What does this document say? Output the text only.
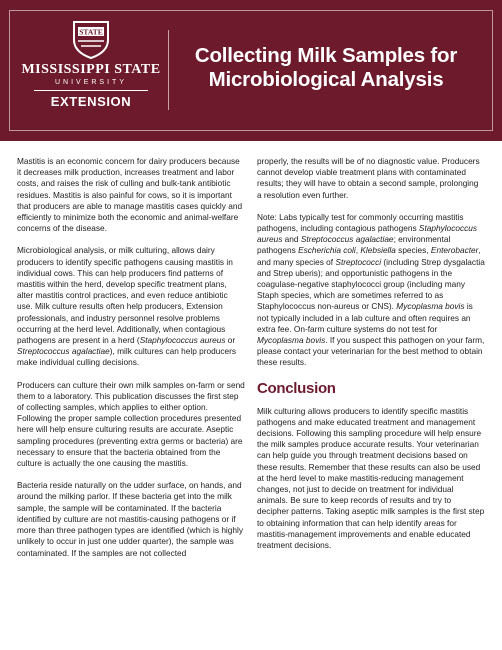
STATE
MISSISSIPPI STATE
UNIVERSITY
EXTENSION
Collecting Milk Samples for
Microbiological Analysis

Mastitis is an economic concern for dairy producers because it decreases milk production, increases treatment and labor costs, and raises the risk of culling and bulk-tank antibiotic residues. Mastitis is also painful for cows, so it is important that producers are able to manage mastitis cases quickly and efficiently to minimize both the economic and animal-welfare concerns of the disease.

Microbiological analysis, or milk culturing, allows dairy producers to identify specific pathogens causing mastitis in individual cows. This can help producers find patterns of mastitis within the herd, develop specific treatment plans, alter mastitis control practices, and even reduce antibiotic use. Milk culture results often help producers, Extension professionals, and industry personnel resolve problems occurring at the herd level. Additionally, when contagious pathogens are present in a herd (Staphylococcus aureus or Streptococcus agalactiae), milk cultures can help producers make individual culling decisions.

Producers can culture their own milk samples on-farm or send them to a laboratory. This publication discusses the first step of collecting samples, which applies to either option. Following the proper sample collection procedures presented here will help ensure culturing results are accurate. Aseptic sampling procedures (preventing extra germs or bacteria) are necessary to ensure that the bacteria obtained from the culture is actually the one causing the mastitis.

Bacteria reside naturally on the udder surface, on hands, and around the milking parlor. If these bacteria get into the milk sample, the sample will be contaminated. If the bacteria identified by culture are not mastitis-causing pathogens or if more than three pathogen types are identified (which is highly unlikely to occur in just one udder quarter), the sample was contaminated. If the samples are not collected

properly, the results will be of no diagnostic value. Producers cannot develop viable treatment plans with contaminated results; they will have to obtain a second sample, prolonging a resolution even further.

Note: Labs typically test for commonly occurring mastitis pathogens, including contagious pathogens Staphylococcus aureus and Streptococcus agalactiae; environmental pathogens Escherichia coli, Klebsiella species, Enterobacter, and many species of Streptococci (including Strep dysgalactia and Strep uberis); and opportunistic pathogens in the coagulase-negative staphylococci group (including many Staph species, which are sometimes referred to as Staphylococcus non-aureus or CNS). Mycoplasma bovis is not typically included in a lab culture and often requires an extra fee. On-farm culture systems do not test for Mycoplasma bovis. If you suspect this pathogen on your farm, please contact your veterinarian for the best method to obtain these results.

Conclusion

Milk culturing allows producers to identify specific mastitis pathogens and make educated treatment and management decisions. Following this sampling procedure will help ensure the milk samples produce accurate results. Your veterinarian can help guide you through treatment decisions based on these results. Remember that these results can also be used at the herd level to make mastitis-reducing management changes, not just to decide on treatment for individual animals. Be sure to keep records of results and try to decipher patterns. Taking aseptic milk samples is the first step to obtaining information that can help identify areas for mastitis-management improvements and enable educated treatment decisions.
